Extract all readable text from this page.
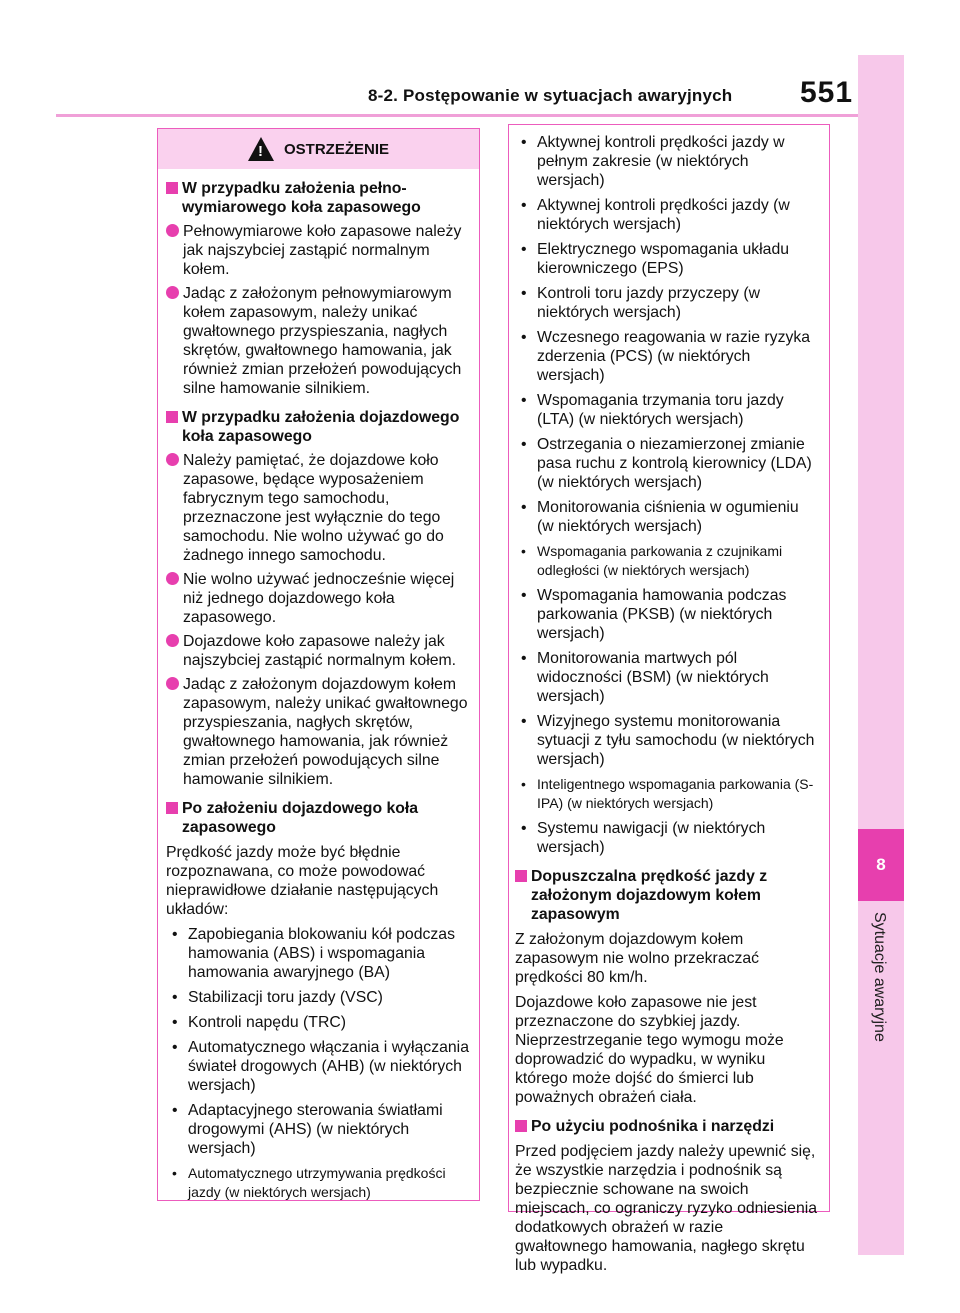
8-2. Postępowanie w sytuacjach awaryjnych 551
8
Sytuacje awaryjne
!
OSTRZEŻENIE
W przypadku założenia pełno-wymiarowego koła zapasowego
Pełnowymiarowe koło zapasowe należy jak najszybciej zastąpić normalnym kołem.
Jadąc z założonym pełnowymiarowym kołem zapasowym, należy unikać gwałtownego przyspieszania, nagłych skrętów, gwałtownego hamowania, jak również zmian przełożeń powodujących silne hamowanie silnikiem.
W przypadku założenia dojazdowego koła zapasowego
Należy pamiętać, że dojazdowe koło zapasowe, będące wyposażeniem fabrycznym tego samochodu, przeznaczone jest wyłącznie do tego samochodu. Nie wolno używać go do żadnego innego samochodu.
Nie wolno używać jednocześnie więcej niż jednego dojazdowego koła zapasowego.
Dojazdowe koło zapasowe należy jak najszybciej zastąpić normalnym kołem.
Jadąc z założonym dojazdowym kołem zapasowym, należy unikać gwałtownego przyspieszania, nagłych skrętów, gwałtownego hamowania, jak również zmian przełożeń powodujących silne hamowanie silnikiem.
Po założeniu dojazdowego koła zapasowego
Prędkość jazdy może być błędnie rozpoznawana, co może powodować nieprawidłowe działanie następujących układów:
• Zapobiegania blokowaniu kół podczas hamowania (ABS) i wspomagania hamowania awaryjnego (BA)
• Stabilizacji toru jazdy (VSC)
• Kontroli napędu (TRC)
• Automatycznego włączania i wyłączania świateł drogowych (AHB) (w niektórych wersjach)
• Adaptacyjnego sterowania światłami drogowymi (AHS) (w niektórych wersjach)
• Automatycznego utrzymywania prędkości jazdy (w niektórych wersjach)
• Aktywnej kontroli prędkości jazdy w pełnym zakresie (w niektórych wersjach)
• Aktywnej kontroli prędkości jazdy (w niektórych wersjach)
• Elektrycznego wspomagania układu kierowniczego (EPS)
• Kontroli toru jazdy przyczepy (w niektórych wersjach)
• Wczesnego reagowania w razie ryzyka zderzenia (PCS) (w niektórych wersjach)
• Wspomagania trzymania toru jazdy (LTA) (w niektórych wersjach)
• Ostrzegania o niezamierzonej zmianie pasa ruchu z kontrolą kierownicy (LDA) (w niektórych wersjach)
• Monitorowania ciśnienia w ogumieniu (w niektórych wersjach)
• Wspomagania parkowania z czujnikami odległości (w niektórych wersjach)
• Wspomagania hamowania podczas parkowania (PKSB) (w niektórych wersjach)
• Monitorowania martwych pól widoczności (BSM) (w niektórych wersjach)
• Wizyjnego systemu monitorowania sytuacji z tyłu samochodu (w niektórych wersjach)
• Inteligentnego wspomagania parkowania (S-IPA) (w niektórych wersjach)
• Systemu nawigacji (w niektórych wersjach)
Dopuszczalna prędkość jazdy z założonym dojazdowym kołem zapasowym
Z założonym dojazdowym kołem zapasowym nie wolno przekraczać prędkości 80 km/h.
Dojazdowe koło zapasowe nie jest przeznaczone do szybkiej jazdy. Nieprzestrzeganie tego wymogu może doprowadzić do wypadku, w wyniku którego może dojść do śmierci lub poważnych obrażeń ciała.
Po użyciu podnośnika i narzędzi
Przed podjęciem jazdy należy upewnić się, że wszystkie narzędzia i podnośnik są bezpiecznie schowane na swoich miejscach, co ograniczy ryzyko odniesienia dodatkowych obrażeń w razie gwałtownego hamowania, nagłego skrętu lub wypadku.
